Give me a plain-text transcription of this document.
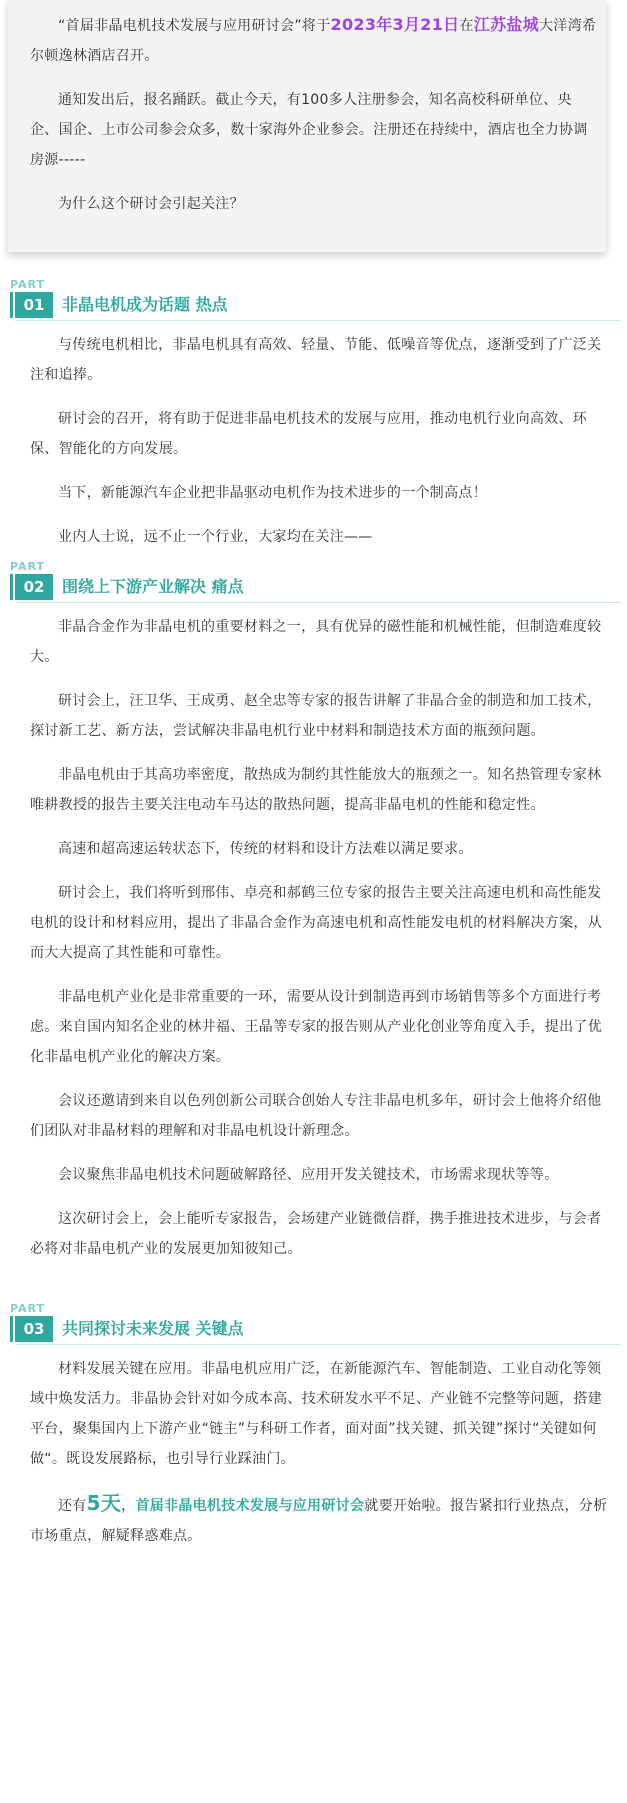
“首届非晶电机技术发展与应用研讨会”将于2023年3月21日在江苏盐城大洋湾希尔顿逸林酒店召开。

通知发出后，报名踊跃。截止今天，有100多人注册参会，知名高校科研单位、央企、国企、上市公司参会众多，数十家海外企业参会。注册还在持续中，酒店也全力协调房源-----

为什么这个研讨会引起关注？

PART
01	非晶电机成为话题 热点

与传统电机相比，非晶电机具有高效、轻量、节能、低噪音等优点，逐渐受到了广泛关注和追捧。

研讨会的召开，将有助于促进非晶电机技术的发展与应用，推动电机行业向高效、环保、智能化的方向发展。

当下，新能源汽车企业把非晶驱动电机作为技术进步的一个制高点！

业内人士说，远不止一个行业，大家均在关注——

PART
02	围绕上下游产业解决 痛点

非晶合金作为非晶电机的重要材料之一，具有优异的磁性能和机械性能，但制造难度较大。

研讨会上，汪卫华、王成勇、赵全忠等专家的报告讲解了非晶合金的制造和加工技术，探讨新工艺、新方法，尝试解决非晶电机行业中材料和制造技术方面的瓶颈问题。

非晶电机由于其高功率密度，散热成为制约其性能放大的瓶颈之一。知名热管理专家林唯耕教授的报告主要关注电动车马达的散热问题，提高非晶电机的性能和稳定性。

高速和超高速运转状态下，传统的材料和设计方法难以满足要求。

研讨会上，我们将听到邢伟、卓亮和郝鹤三位专家的报告主要关注高速电机和高性能发电机的设计和材料应用，提出了非晶合金作为高速电机和高性能发电机的材料解决方案，从而大大提高了其性能和可靠性。

非晶电机产业化是非常重要的一环，需要从设计到制造再到市场销售等多个方面进行考虑。来自国内知名企业的林井福、王晶等专家的报告则从产业化创业等角度入手，提出了优化非晶电机产业化的解决方案。

会议还邀请到来自以色列创新公司联合创始人专注非晶电机多年，研讨会上他将介绍他们团队对非晶材料的理解和对非晶电机设计新理念。

会议聚焦非晶电机技术问题破解路径、应用开发关键技术，市场需求现状等等。

这次研讨会上，会上能听专家报告，会场建产业链微信群，携手推进技术进步，与会者必将对非晶电机产业的发展更加知彼知己。

PART
03	共同探讨未来发展 关键点

材料发展关键在应用。非晶电机应用广泛，在新能源汽车、智能制造、工业自动化等领域中焕发活力。非晶协会针对如今成本高、技术研发水平不足、产业链不完整等问题，搭建平台，聚集国内上下游产业“链主”与科研工作者，面对面”找关键、抓关键”探讨“关键如何做“。既设发展路标，也引导行业踩油门。

还有5天，首届非晶电机技术发展与应用研讨会就要开始啦。报告紧扣行业热点，分析市场重点，解疑释惑难点。
